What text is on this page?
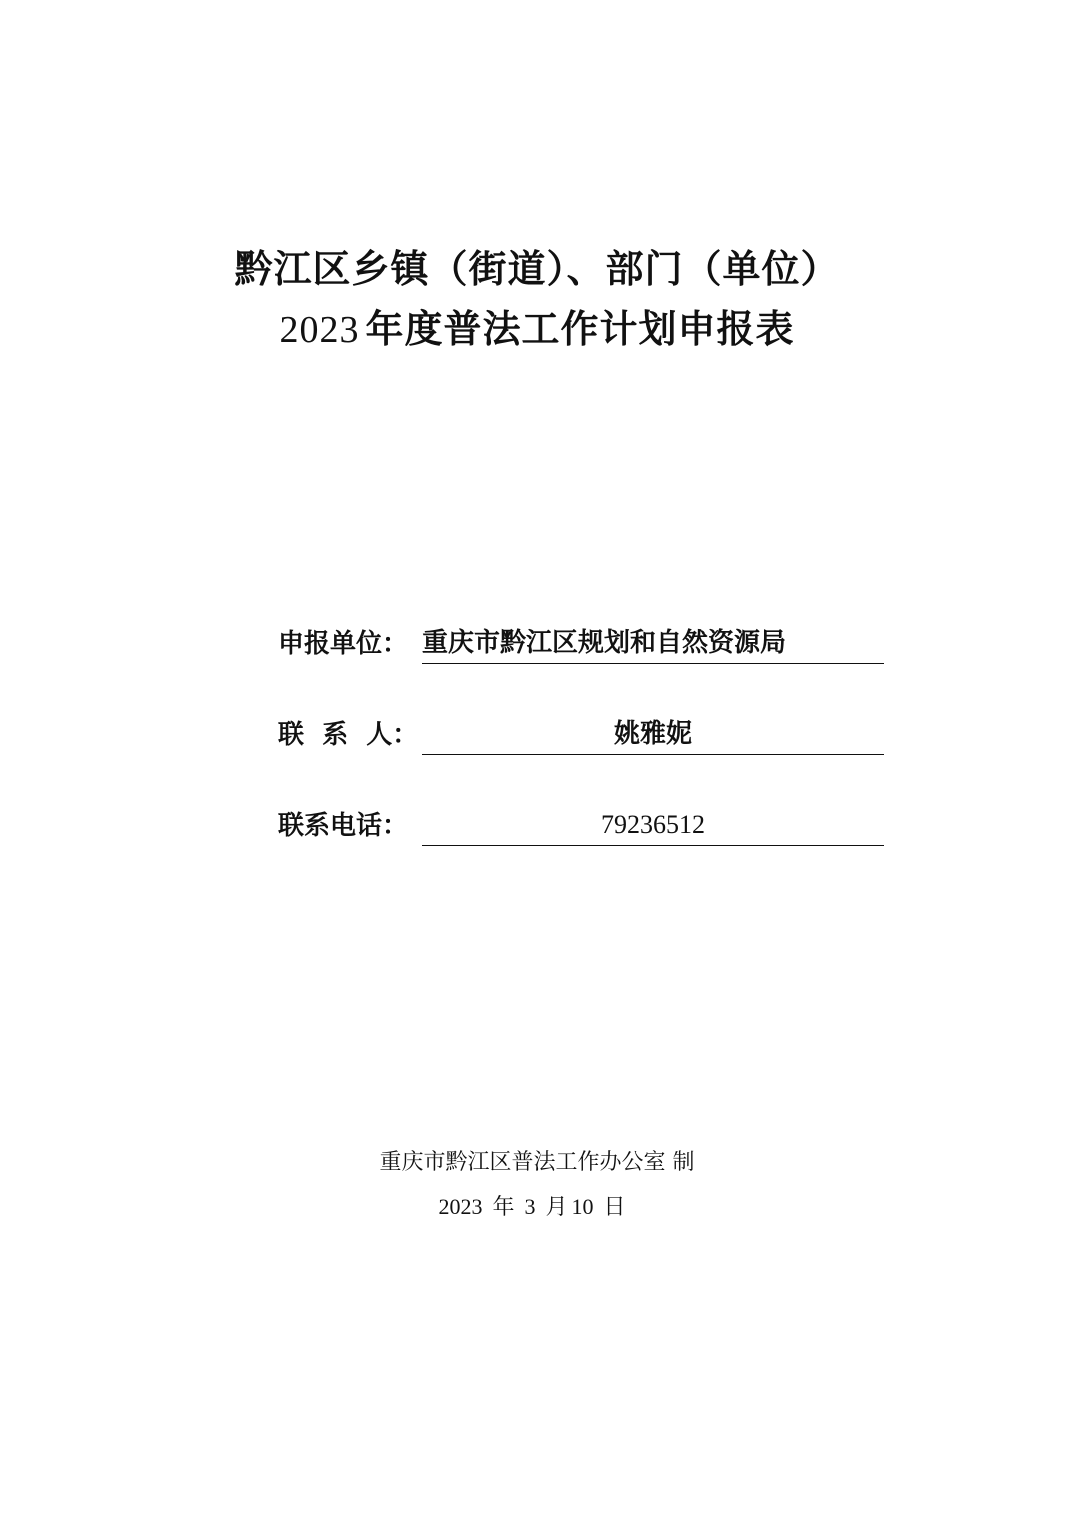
黔江区乡镇（街道）、部门（单位）
2023 年度普法工作计划申报表
申报单位： 重庆市黔江区规划和自然资源局
联  系  人：	姚雅妮
联系电话：	79236512
重庆市黔江区普法工作办公室 制
2023 年 3 月 10 日
